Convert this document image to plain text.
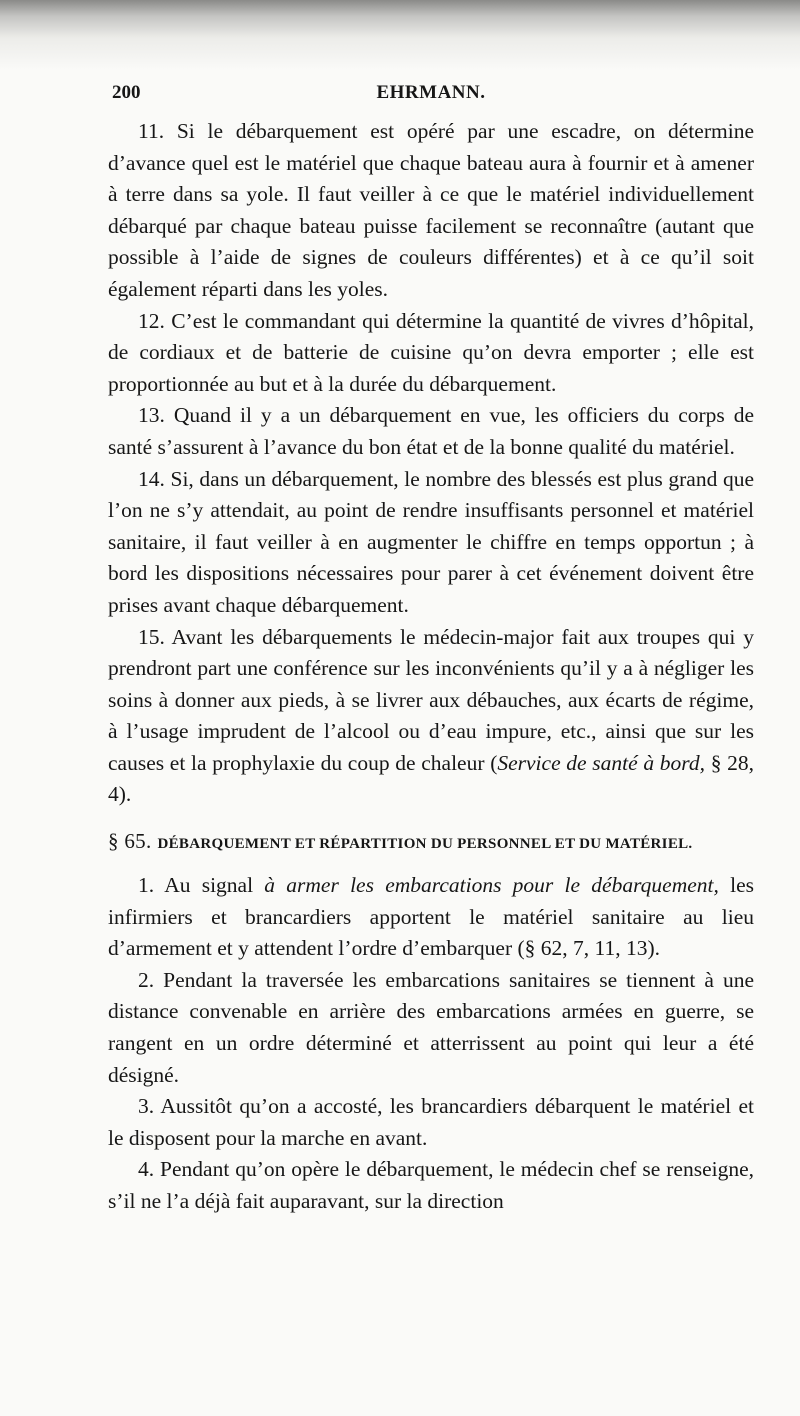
200	EHRMANN.

11. Si le débarquement est opéré par une escadre, on détermine d’avance quel est le matériel que chaque bateau aura à fournir et à amener à terre dans sa yole. Il faut veiller à ce que le matériel individuellement débarqué par chaque bateau puisse facilement se reconnaître (autant que possible à l’aide de signes de couleurs différentes) et à ce qu’il soit également réparti dans les yoles.

12. C’est le commandant qui détermine la quantité de vivres d’hôpital, de cordiaux et de batterie de cuisine qu’on devra emporter ; elle est proportionnée au but et à la durée du débarquement.

13. Quand il y a un débarquement en vue, les officiers du corps de santé s’assurent à l’avance du bon état et de la bonne qualité du matériel.

14. Si, dans un débarquement, le nombre des blessés est plus grand que l’on ne s’y attendait, au point de rendre insuffisants personnel et matériel sanitaire, il faut veiller à en augmenter le chiffre en temps opportun ; à bord les dispositions nécessaires pour parer à cet événement doivent être prises avant chaque débarquement.

15. Avant les débarquements le médecin-major fait aux troupes qui y prendront part une conférence sur les inconvénients qu’il y a à négliger les soins à donner aux pieds, à se livrer aux débauches, aux écarts de régime, à l’usage imprudent de l’alcool ou d’eau impure, etc., ainsi que sur les causes et la prophylaxie du coup de chaleur (Service de santé à bord, § 28, 4).

§ 65. DÉBARQUEMENT ET RÉPARTITION DU PERSONNEL ET DU MATÉRIEL.

1. Au signal à armer les embarcations pour le débarquement, les infirmiers et brancardiers apportent le matériel sanitaire au lieu d’armement et y attendent l’ordre d’embarquer (§ 62, 7, 11, 13).

2. Pendant la traversée les embarcations sanitaires se tiennent à une distance convenable en arrière des embarcations armées en guerre, se rangent en un ordre déterminé et atterrissent au point qui leur a été désigné.

3. Aussitôt qu’on a accosté, les brancardiers débarquent le matériel et le disposent pour la marche en avant.

4. Pendant qu’on opère le débarquement, le médecin chef se renseigne, s’il ne l’a déjà fait auparavant, sur la direction
